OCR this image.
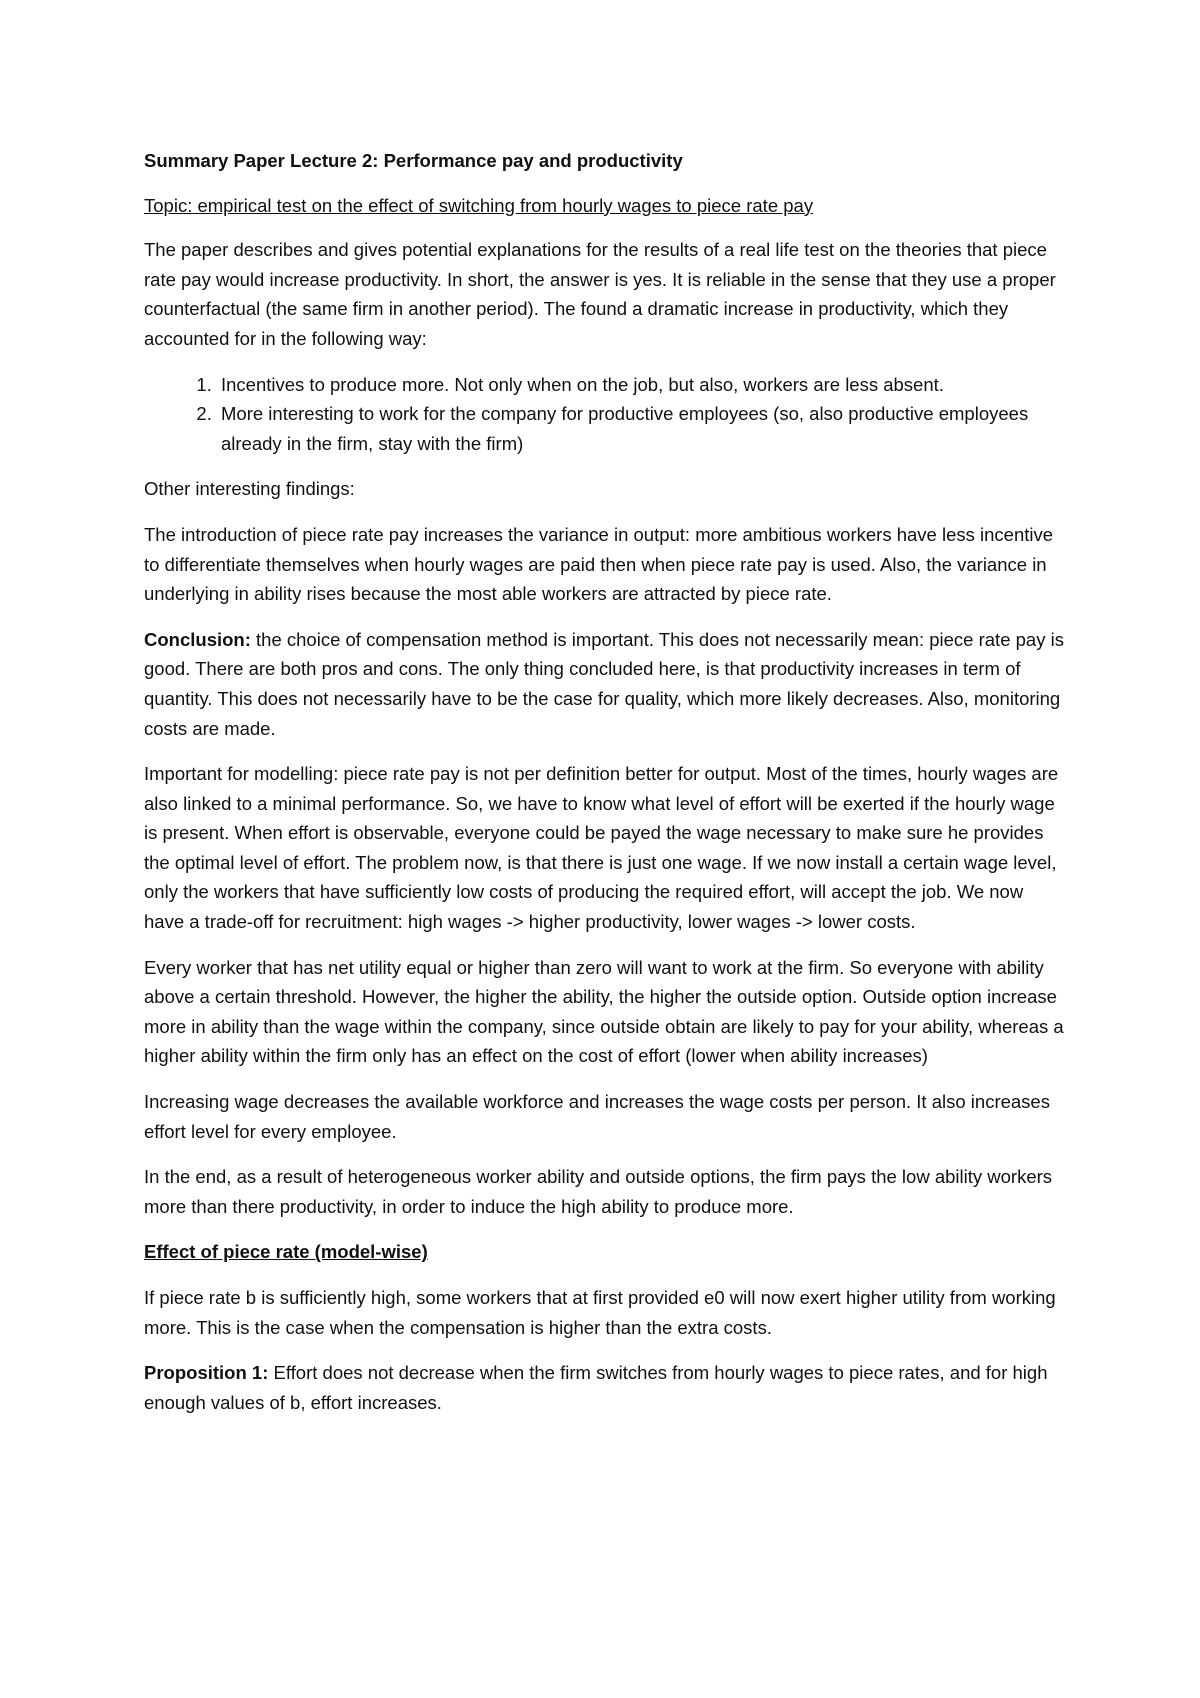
Summary Paper Lecture 2: Performance pay and productivity

Topic: empirical test on the effect of switching from hourly wages to piece rate pay

The paper describes and gives potential explanations for the results of a real life test on the theories that piece rate pay would increase productivity. In short, the answer is yes. It is reliable in the sense that they use a proper counterfactual (the same firm in another period). The found a dramatic increase in productivity, which they accounted for in the following way:

1. Incentives to produce more. Not only when on the job, but also, workers are less absent.
2. More interesting to work for the company for productive employees (so, also productive employees already in the firm, stay with the firm)

Other interesting findings:

The introduction of piece rate pay increases the variance in output: more ambitious workers have less incentive to differentiate themselves when hourly wages are paid then when piece rate pay is used. Also, the variance in underlying in ability rises because the most able workers are attracted by piece rate.

Conclusion: the choice of compensation method is important. This does not necessarily mean: piece rate pay is good. There are both pros and cons. The only thing concluded here, is that productivity increases in term of quantity. This does not necessarily have to be the case for quality, which more likely decreases. Also, monitoring costs are made.

Important for modelling: piece rate pay is not per definition better for output. Most of the times, hourly wages are also linked to a minimal performance. So, we have to know what level of effort will be exerted if the hourly wage is present. When effort is observable, everyone could be payed the wage necessary to make sure he provides the optimal level of effort. The problem now, is that there is just one wage. If we now install a certain wage level, only the workers that have sufficiently low costs of producing the required effort, will accept the job. We now have a trade-off for recruitment: high wages -> higher productivity, lower wages -> lower costs.

Every worker that has net utility equal or higher than zero will want to work at the firm. So everyone with ability above a certain threshold. However, the higher the ability, the higher the outside option. Outside option increase more in ability than the wage within the company, since outside obtain are likely to pay for your ability, whereas a higher ability within the firm only has an effect on the cost of effort (lower when ability increases)

Increasing wage decreases the available workforce and increases the wage costs per person. It also increases effort level for every employee.

In the end, as a result of heterogeneous worker ability and outside options, the firm pays the low ability workers more than there productivity, in order to induce the high ability to produce more.

Effect of piece rate (model-wise)

If piece rate b is sufficiently high, some workers that at first provided e0 will now exert higher utility from working more. This is the case when the compensation is higher than the extra costs.

Proposition 1: Effort does not decrease when the firm switches from hourly wages to piece rates, and for high enough values of b, effort increases.
